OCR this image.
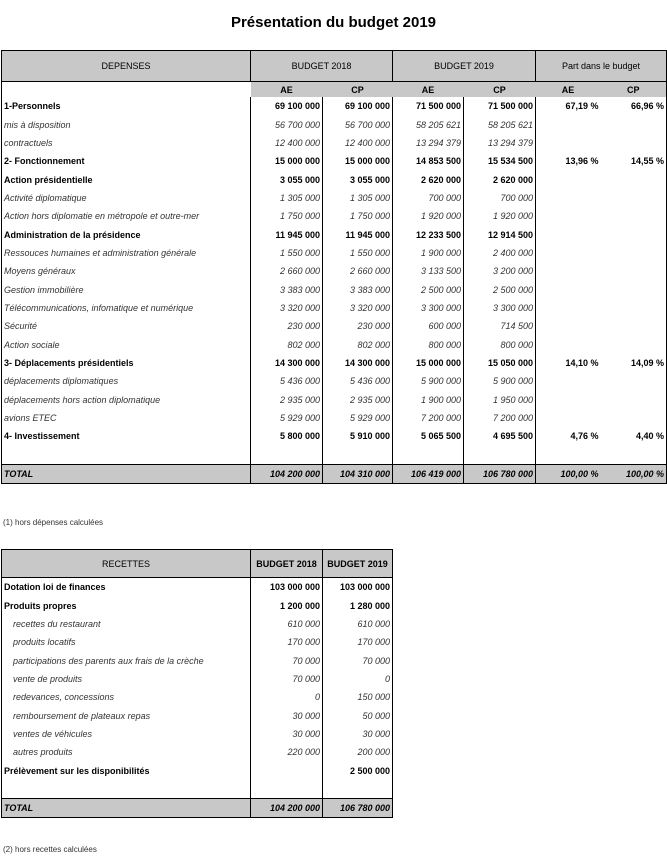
Présentation du budget 2019
DEPENSES	BUDGET 2018		BUDGET 2019		Part dans le budget	
	AE	CP	AE	CP	AE	CP
1-Personnels	69 100 000	69 100 000	71 500 000	71 500 000	67,19 %	66,96 %
mis à disposition	56 700 000	56 700 000	58 205 621	58 205 621		
contractuels	12 400 000	12 400 000	13 294 379	13 294 379		
2- Fonctionnement	15 000 000	15 000 000	14 853 500	15 534 500	13,96 %	14,55 %
Action présidentielle	3 055 000	3 055 000	2 620 000	2 620 000		
Activité diplomatique	1 305 000	1 305 000	700 000	700 000		
Action hors diplomatie en métropole et outre-mer	1 750 000	1 750 000	1 920 000	1 920 000		
Administration de la présidence	11 945 000	11 945 000	12 233 500	12 914 500		
Ressouces humaines et administration générale	1 550 000	1 550 000	1 900 000	2 400 000		
Moyens généraux	2 660 000	2 660 000	3 133 500	3 200 000		
Gestion immobilière	3 383 000	3 383 000	2 500 000	2 500 000		
Télécommunications, infomatique et numérique	3 320 000	3 320 000	3 300 000	3 300 000		
Sécurité	230 000	230 000	600 000	714 500		
Action sociale	802 000	802 000	800 000	800 000		
3- Déplacements présidentiels	14 300 000	14 300 000	15 000 000	15 050 000	14,10 %	14,09 %
déplacements diplomatiques	5 436 000	5 436 000	5 900 000	5 900 000		
déplacements hors action diplomatique	2 935 000	2 935 000	1 900 000	1 950 000		
avions ETEC	5 929 000	5 929 000	7 200 000	7 200 000		
4- Investissement	5 800 000	5 910 000	5 065 500	4 695 500	4,76 %	4,40 %

TOTAL	104 200 000	104 310 000	106 419 000	106 780 000	100,00 %	100,00 %
(1) hors dépenses calculées
RECETTES	BUDGET 2018	BUDGET 2019
Dotation loi de finances	103 000 000	103 000 000
Produits propres	1 200 000	1 280 000
recettes du restaurant	610 000	610 000
produits locatifs	170 000	170 000
participations des parents aux frais de la crèche	70 000	70 000
vente de produits	70 000	0
redevances, concessions	0	150 000
remboursement de plateaux repas	30 000	50 000
ventes de véhicules	30 000	30 000
autres produits	220 000	200 000
Prélèvement sur les disponibilités		2 500 000

TOTAL	104 200 000	106 780 000
(2) hors recettes calculées
